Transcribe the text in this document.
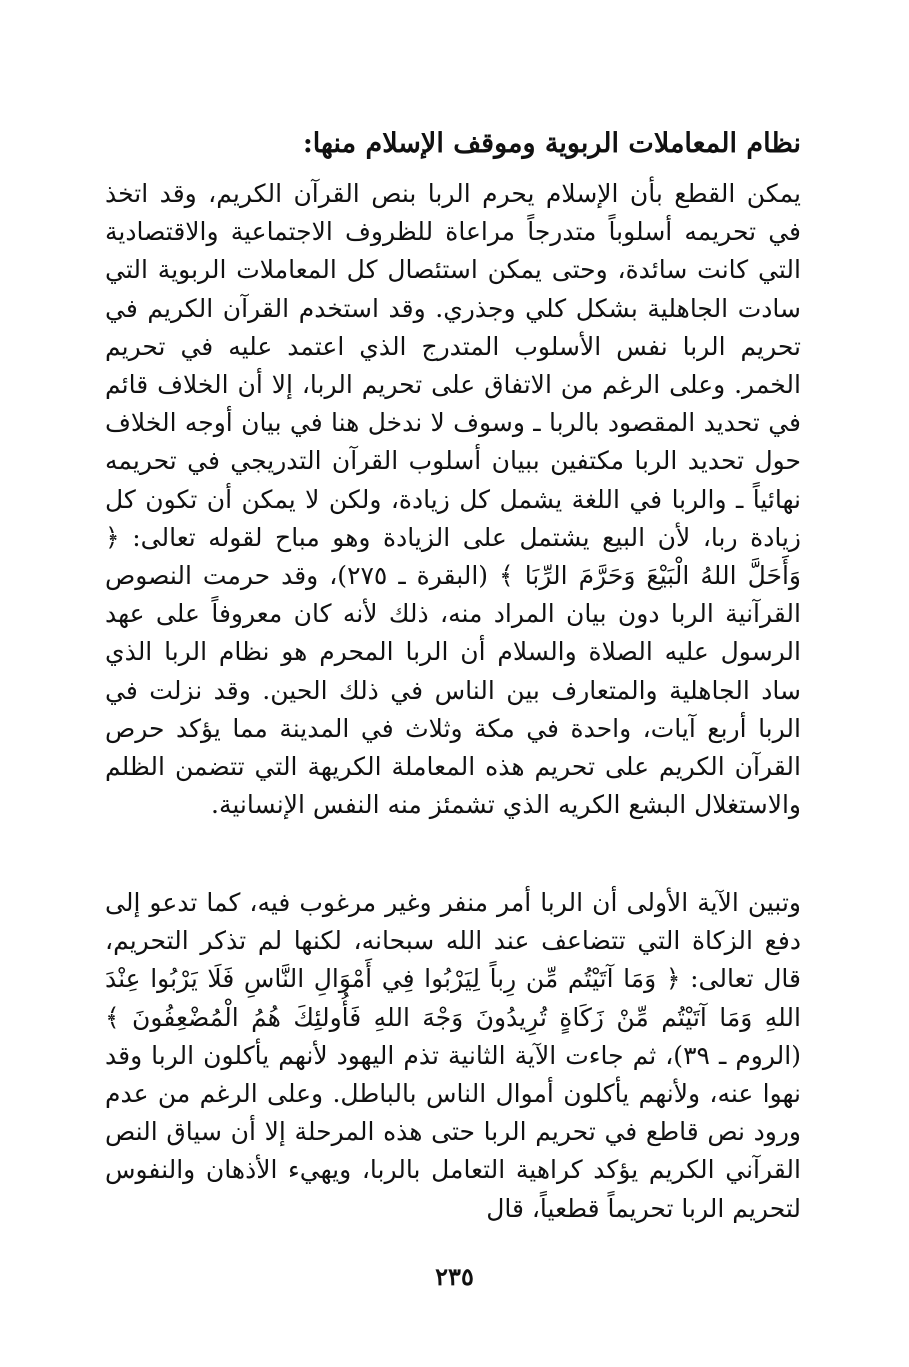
نظام المعاملات الربوية وموقف الإسلام منها:

يمكن القطع بأن الإسلام يحرم الربا بنص القرآن الكريم، وقد اتخذ في تحريمه أسلوباً متدرجاً مراعاة للظروف الاجتماعية والاقتصادية التي كانت سائدة، وحتى يمكن استئصال كل المعاملات الربوية التي سادت الجاهلية بشكل كلي وجذري. وقد استخدم القرآن الكريم في تحريم الربا نفس الأسلوب المتدرج الذي اعتمد عليه في تحريم الخمر. وعلى الرغم من الاتفاق على تحريم الربا، إلا أن الخلاف قائم في تحديد المقصود بالربا ـ وسوف لا ندخل هنا في بيان أوجه الخلاف حول تحديد الربا مكتفين ببيان أسلوب القرآن التدريجي في تحريمه نهائياً ـ والربا في اللغة يشمل كل زيادة، ولكن لا يمكن أن تكون كل زيادة ربا، لأن البيع يشتمل على الزيادة وهو مباح لقوله تعالى: ﴿ وَأَحَلَّ اللهُ الْبَيْعَ وَحَرَّمَ الرِّبَا ﴾ (البقرة ـ ٢٧٥)، وقد حرمت النصوص القرآنية الربا دون بيان المراد منه، ذلك لأنه كان معروفاً على عهد الرسول عليه الصلاة والسلام أن الربا المحرم هو نظام الربا الذي ساد الجاهلية والمتعارف بين الناس في ذلك الحين. وقد نزلت في الربا أربع آيات، واحدة في مكة وثلاث في المدينة مما يؤكد حرص القرآن الكريم على تحريم هذه المعاملة الكريهة التي تتضمن الظلم والاستغلال البشع الكريه الذي تشمئز منه النفس الإنسانية.

وتبين الآية الأولى أن الربا أمر منفر وغير مرغوب فيه، كما تدعو إلى دفع الزكاة التي تتضاعف عند الله سبحانه، لكنها لم تذكر التحريم، قال تعالى: ﴿ وَمَا آتَيْتُم مِّن رِباً لِيَرْبُوا فِي أَمْوَالِ النَّاسِ فَلَا يَرْبُوا عِنْدَ اللهِ وَمَا آتَيْتُم مِّنْ زَكَاةٍ تُرِيدُونَ وَجْهَ اللهِ فَأُولئِكَ هُمُ الْمُضْعِفُونَ ﴾ (الروم ـ ٣٩)، ثم جاءت الآية الثانية تذم اليهود لأنهم يأكلون الربا وقد نهوا عنه، ولأنهم يأكلون أموال الناس بالباطل. وعلى الرغم من عدم ورود نص قاطع في تحريم الربا حتى هذه المرحلة إلا أن سياق النص القرآني الكريم يؤكد كراهية التعامل بالربا، ويهيء الأذهان والنفوس لتحريم الربا تحريماً قطعياً، قال

٢٣٥
